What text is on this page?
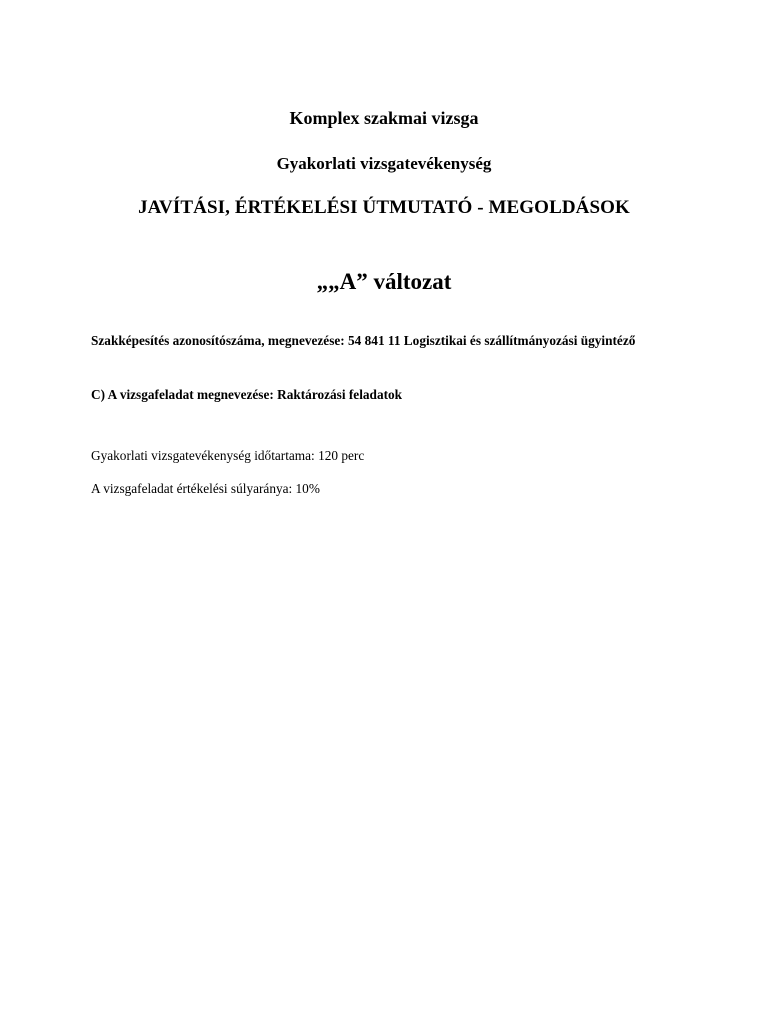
Komplex szakmai vizsga

Gyakorlati vizsgatevékenység

JAVÍTÁSI, ÉRTÉKELÉSI ÚTMUTATÓ - MEGOLDÁSOK

„„A” változat

Szakképesítés azonosítószáma, megnevezése: 54 841 11 Logisztikai és szállítmányozási ügyintéző

C) A vizsgafeladat megnevezése: Raktározási feladatok

Gyakorlati vizsgatevékenység időtartama: 120 perc

A vizsgafeladat értékelési súlyaránya: 10%
